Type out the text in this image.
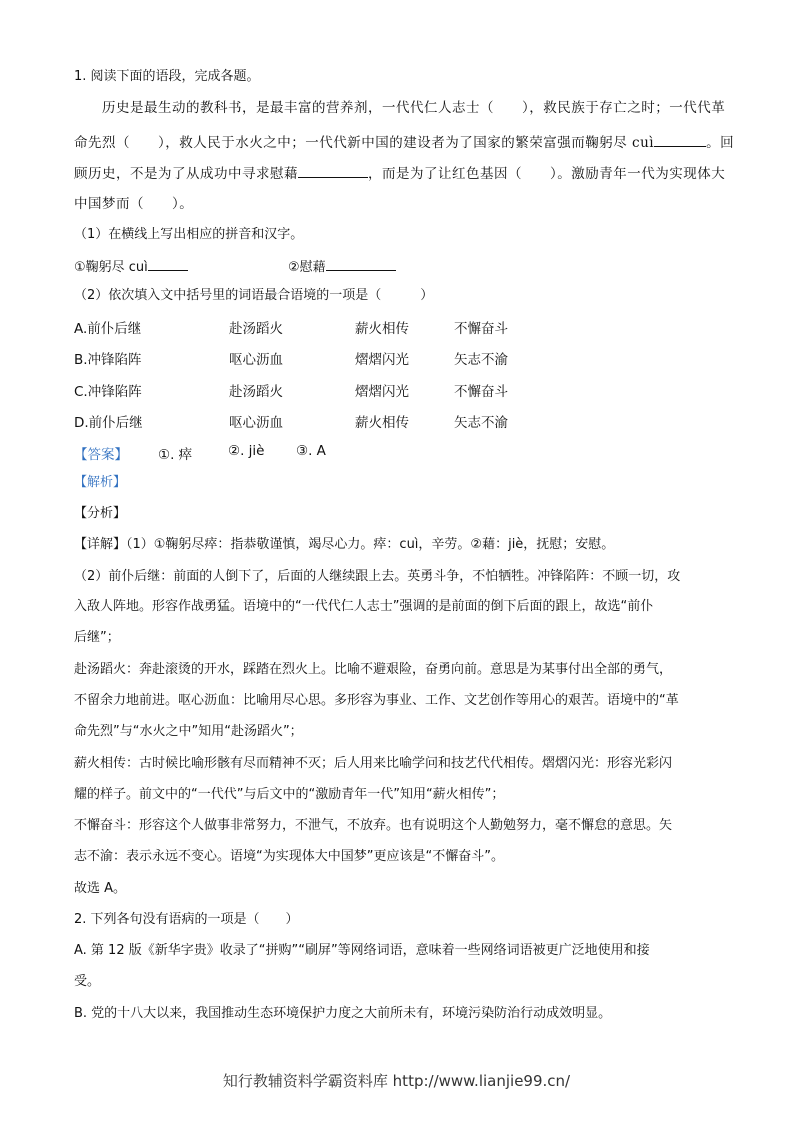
1. 阅读下面的语段，完成各题。
历史是最生动的教科书，是最丰富的营养剂，一代代仁人志士（　　），救民族于存亡之时；一代代革
命先烈（　　），救人民于水火之中；一代代新中国的建设者为了国家的繁荣富强而鞠躬尽 cuì	。回
顾历史，不是为了从成功中寻求慰藉	，而是为了让红色基因（　　）。激励青年一代为实现体大
中国梦而（　　）。
（1）在横线上写出相应的拼音和汉字。
①鞠躬尽 cuì	②慰藉
（2）依次填入文中括号里的词语最合语境的一项是（　　　）
A.前仆后继	赴汤蹈火	薪火相传	不懈奋斗
B.冲锋陷阵	呕心沥血	熠熠闪光	矢志不渝
C.冲锋陷阵	赴汤蹈火	熠熠闪光	不懈奋斗
D.前仆后继	呕心沥血	薪火相传	矢志不渝
【答案】 ①. 瘁	②. jiè ③. A
【解析】
【分析】
【详解】（1）①鞠躬尽瘁：指恭敬谨慎，竭尽心力。瘁：cuì，辛劳。②藉：jiè，抚慰；安慰。
（2）前仆后继：前面的人倒下了，后面的人继续跟上去。英勇斗争，不怕牺牲。冲锋陷阵：不顾一切，攻
入敌人阵地。形容作战勇猛。语境中的“一代代仁人志士”强调的是前面的倒下后面的跟上，故选“前仆
后继”；
赴汤蹈火：奔赴滚烫的开水，踩踏在烈火上。比喻不避艰险，奋勇向前。意思是为某事付出全部的勇气，
不留余力地前进。呕心沥血：比喻用尽心思。多形容为事业、工作、文艺创作等用心的艰苦。语境中的“革
命先烈”与“水火之中”知用“赴汤蹈火”；
薪火相传：古时候比喻形骸有尽而精神不灭；后人用来比喻学问和技艺代代相传。熠熠闪光：形容光彩闪
耀的样子。前文中的“一代代”与后文中的“激励青年一代”知用“薪火相传”；
不懈奋斗：形容这个人做事非常努力，不泄气，不放弃。也有说明这个人勤勉努力，毫不懈怠的意思。矢
志不渝：表示永远不变心。语境“为实现体大中国梦”更应该是“不懈奋斗”。
故选 A。
2. 下列各句没有语病的一项是（　　）
A. 第 12 版《新华字贵》收录了“拼购”“刷屏”等网络词语，意味着一些网络词语被更广泛地使用和接
受。
B. 党的十八大以来，我国推动生态环境保护力度之大前所未有，环境污染防治行动成效明显。
知行教辅资料学霸资料库 http://www.lianjie99.cn/
